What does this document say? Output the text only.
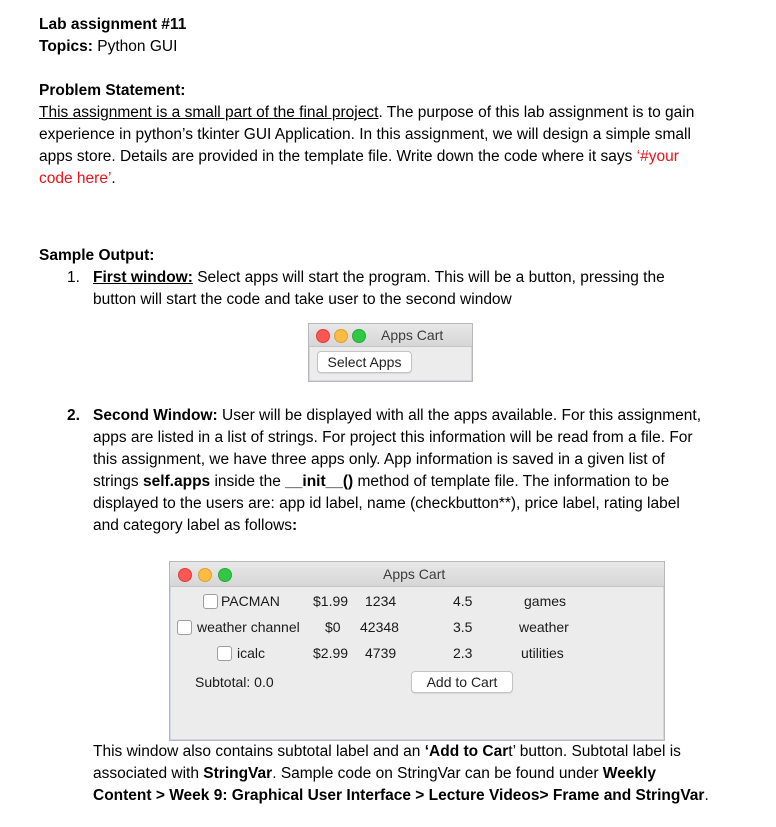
Lab assignment #11

Topics: Python GUI

Problem Statement:

This assignment is a small part of the final project. The purpose of this lab assignment is to gain

experience in python’s tkinter GUI Application. In this assignment, we will design a simple small

apps store. Details are provided in the template file. Write down the code where it says ‘#your

code here’.

Sample Output:

1. First window: Select apps will start the program. This will be a button, pressing the

button will start the code and take user to the second window

Apps Cart
Select Apps
2. Second Window: User will be displayed with all the apps available. For this assignment,

apps are listed in a list of strings. For project this information will be read from a file. For

this assignment, we have three apps only. App information is saved in a given list of

strings self.apps inside the __init__() method of template file. The information to be

displayed to the users are: app id label, name (checkbutton**), price label, rating label

and category label as follows:

Apps Cart
PACMAN $1.99 1234	4.5	games
weather channel $0 42348	3.5	weather
icalc	$2.99 4739	2.3	utilities
Subtotal: 0.0	Add to Cart

This window also contains subtotal label and an ‘Add to Cart’ button. Subtotal label is

associated with StringVar. Sample code on StringVar can be found under Weekly

Content > Week 9: Graphical User Interface > Lecture Videos> Frame and StringVar.
